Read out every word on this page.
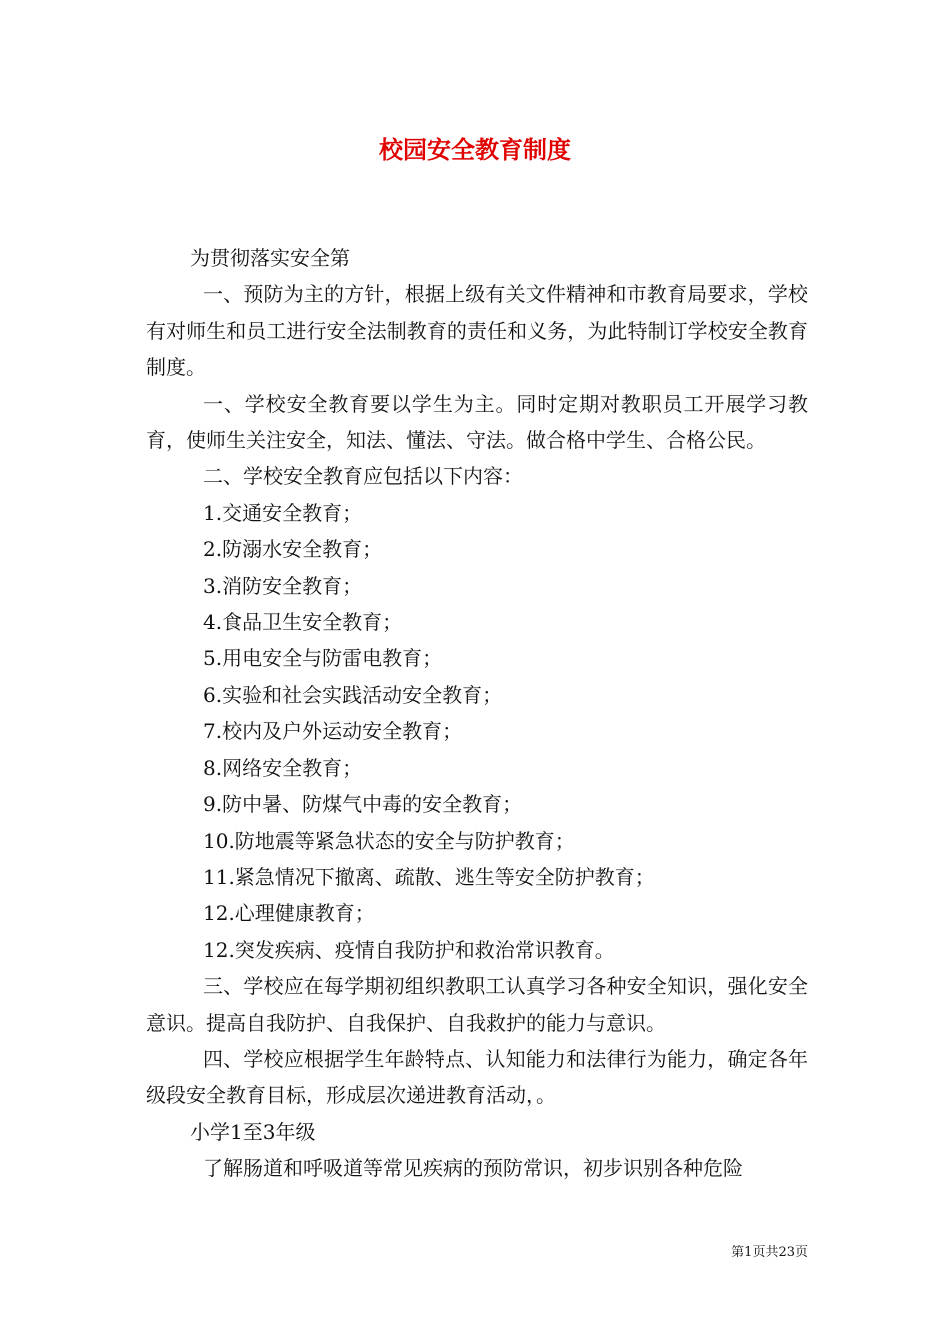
校园安全教育制度

为贯彻落实安全第

一、预防为主的方针，根据上级有关文件精神和市教育局要求，学校有对师生和员工进行安全法制教育的责任和义务，为此特制订学校安全教育制度。

一、学校安全教育要以学生为主。同时定期对教职员工开展学习教育，使师生关注安全，知法、懂法、守法。做合格中学生、合格公民。

二、学校安全教育应包括以下内容：

1.交通安全教育；

2.防溺水安全教育；

3.消防安全教育；

4.食品卫生安全教育；

5.用电安全与防雷电教育；

6.实验和社会实践活动安全教育；

7.校内及户外运动安全教育；

8.网络安全教育；

9.防中暑、防煤气中毒的安全教育；

10.防地震等紧急状态的安全与防护教育；

11.紧急情况下撤离、疏散、逃生等安全防护教育；

12.心理健康教育；

12.突发疾病、疫情自我防护和救治常识教育。

三、学校应在每学期初组织教职工认真学习各种安全知识，强化安全意识。提高自我防护、自我保护、自我救护的能力与意识。

四、学校应根据学生年龄特点、认知能力和法律行为能力，确定各年级段安全教育目标，形成层次递进教育活动，。

小学1至3年级

了解肠道和呼吸道等常见疾病的预防常识，初步识别各种危险

第1页共23页
